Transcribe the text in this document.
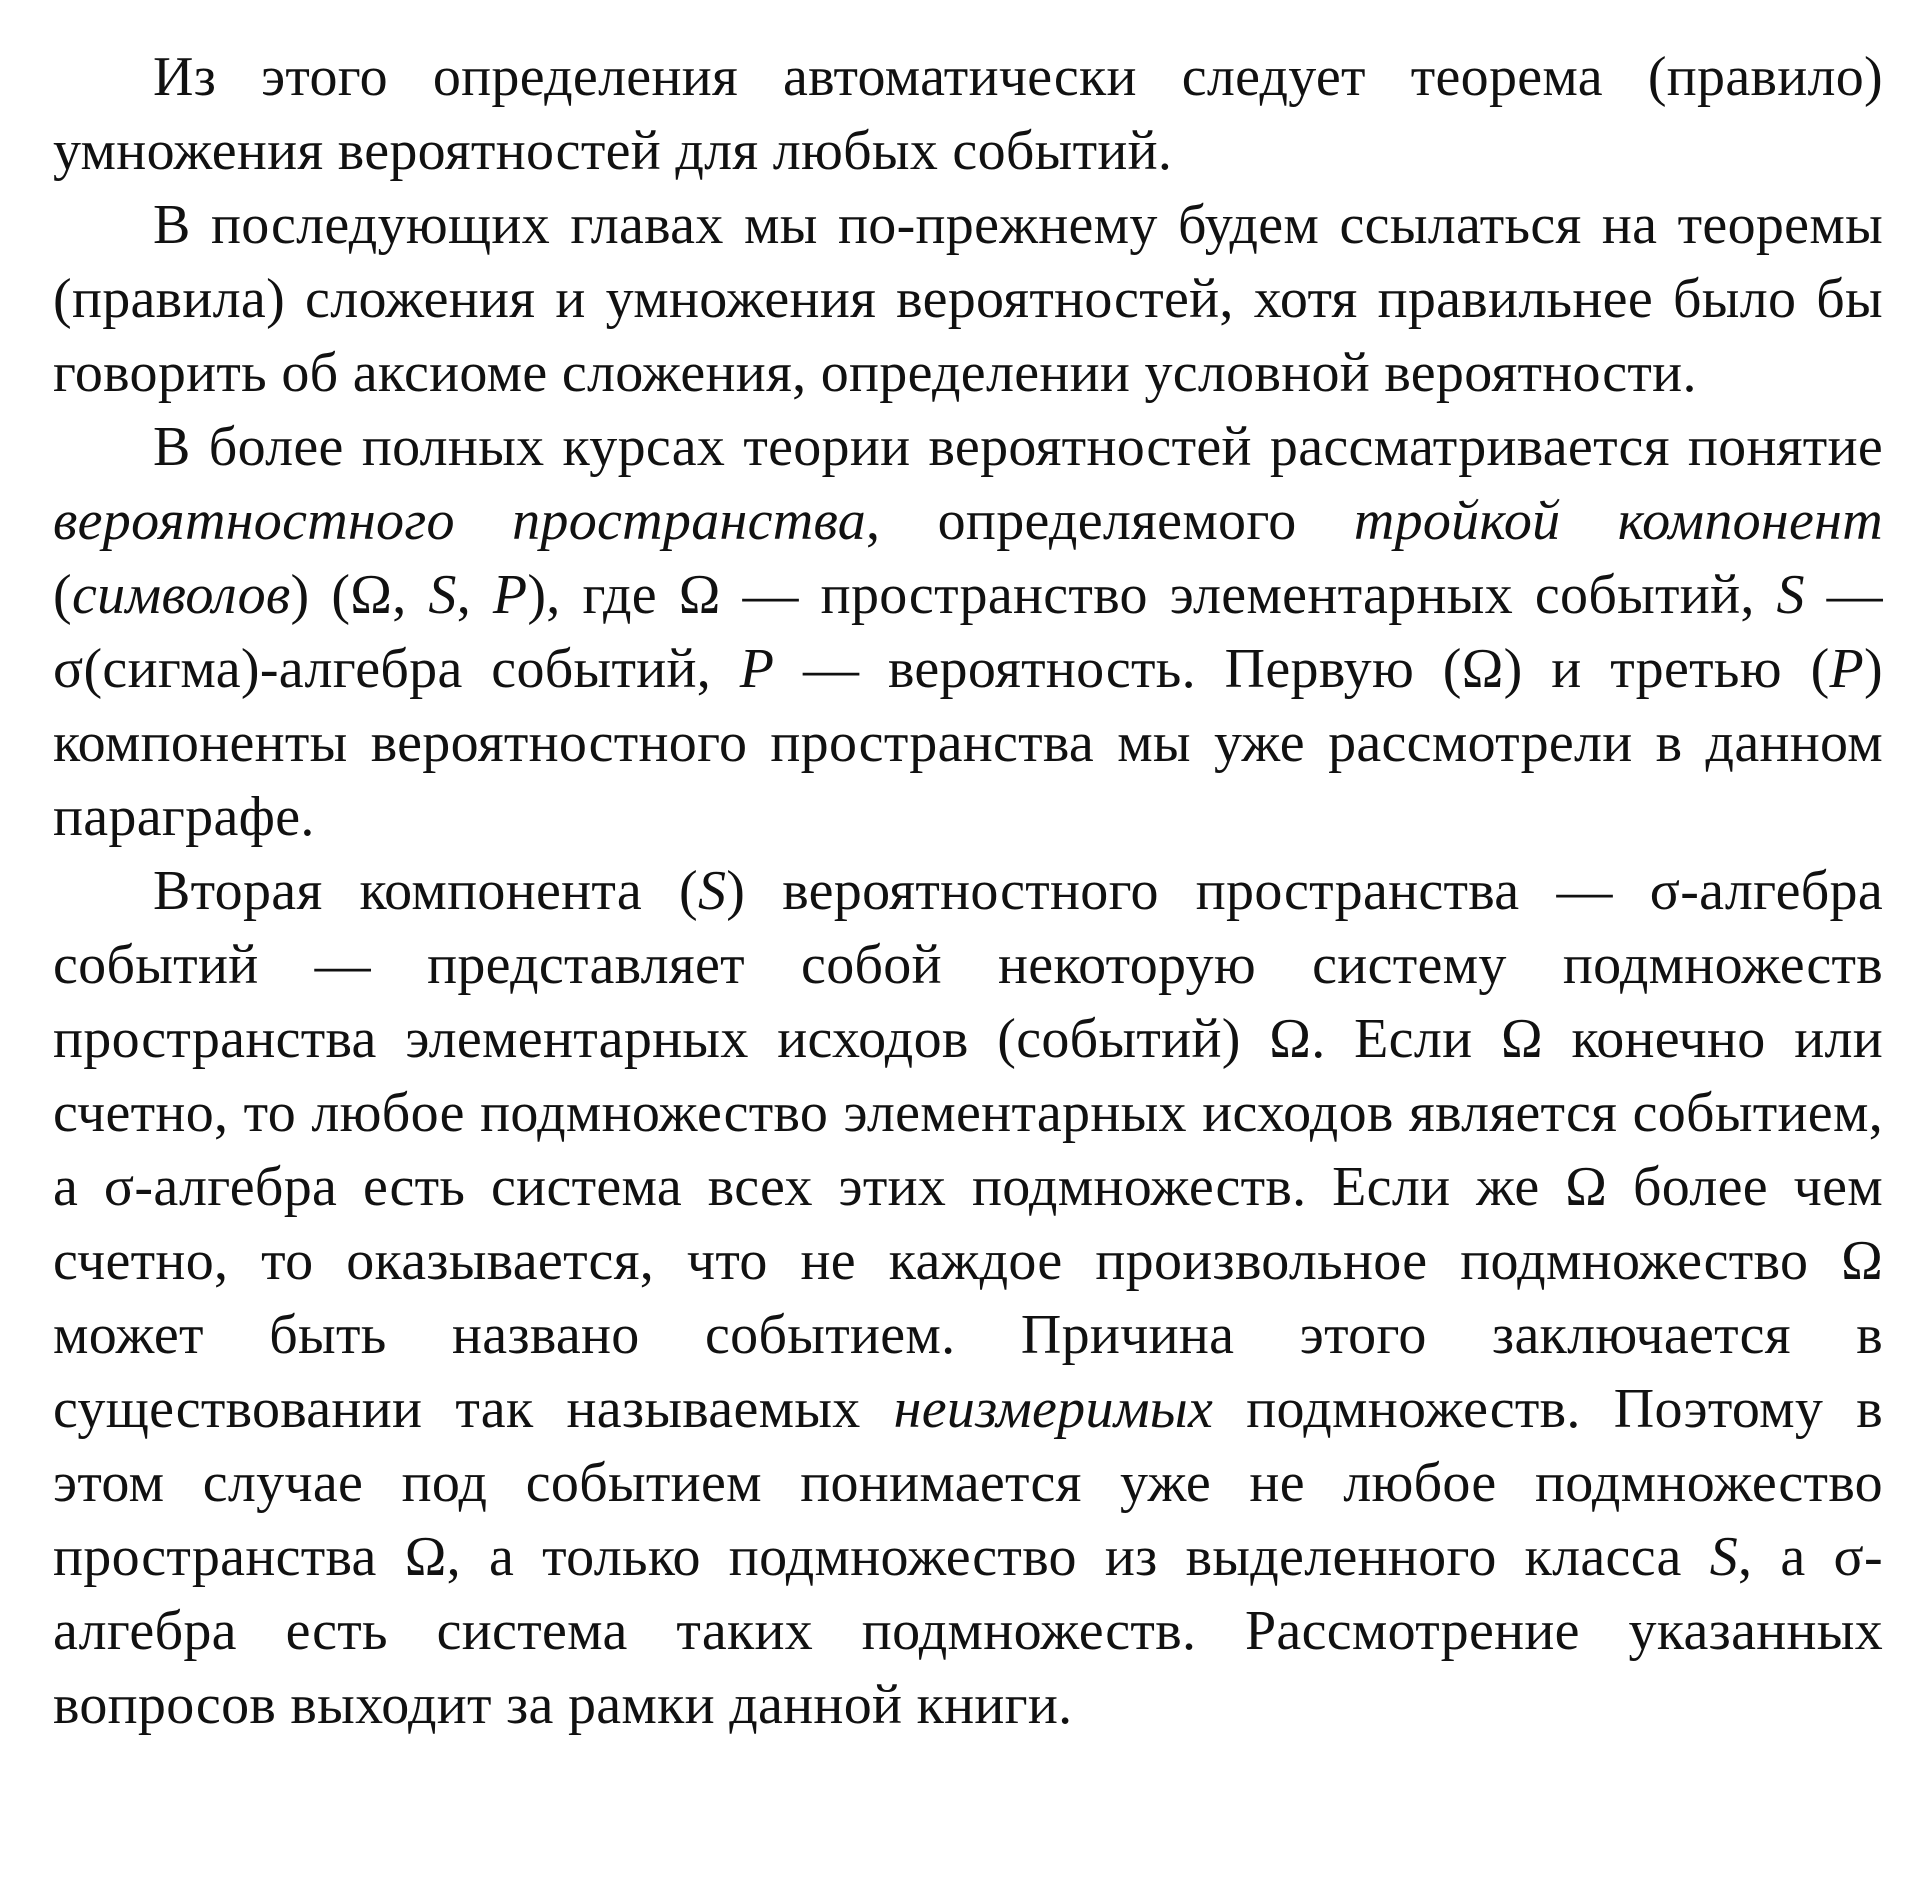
Из этого определения автоматически следует теорема (правило) умножения вероятностей для любых событий.

В последующих главах мы по-прежнему будем ссылаться на теоремы (правила) сложения и умножения вероятностей, хотя правильнее было бы говорить об аксиоме сложения, определении условной вероятности.

В более полных курсах теории вероятностей рассматривается понятие вероятностного пространства, определяемого тройкой компонент (символов) (Ω, S, P), где Ω — пространство элементарных событий, S —σ(сигма)-алгебра событий, P — вероятность. Первую (Ω) и третью (P) компоненты вероятностного пространства мы уже рассмотрели в данном параграфе.

Вторая компонента (S) вероятностного пространства — σ-алгебра событий — представляет собой некоторую систему подмножеств пространства элементарных исходов (событий) Ω. Если Ω конечно или счетно, то любое подмножество элементарных исходов является событием, а σ-алгебра есть система всех этих подмножеств. Если же Ω более чем счетно, то оказывается, что не каждое произвольное подмножество Ω может быть названо событием. Причина этого заключается в существовании так называемых неизмеримых подмножеств. Поэтому в этом случае под событием понимается уже не любое подмножество пространства Ω, а только подмножество из выделенного класса S, а σ-алгебра есть система таких подмножеств. Рассмотрение указанных вопросов выходит за рамки данной книги.
